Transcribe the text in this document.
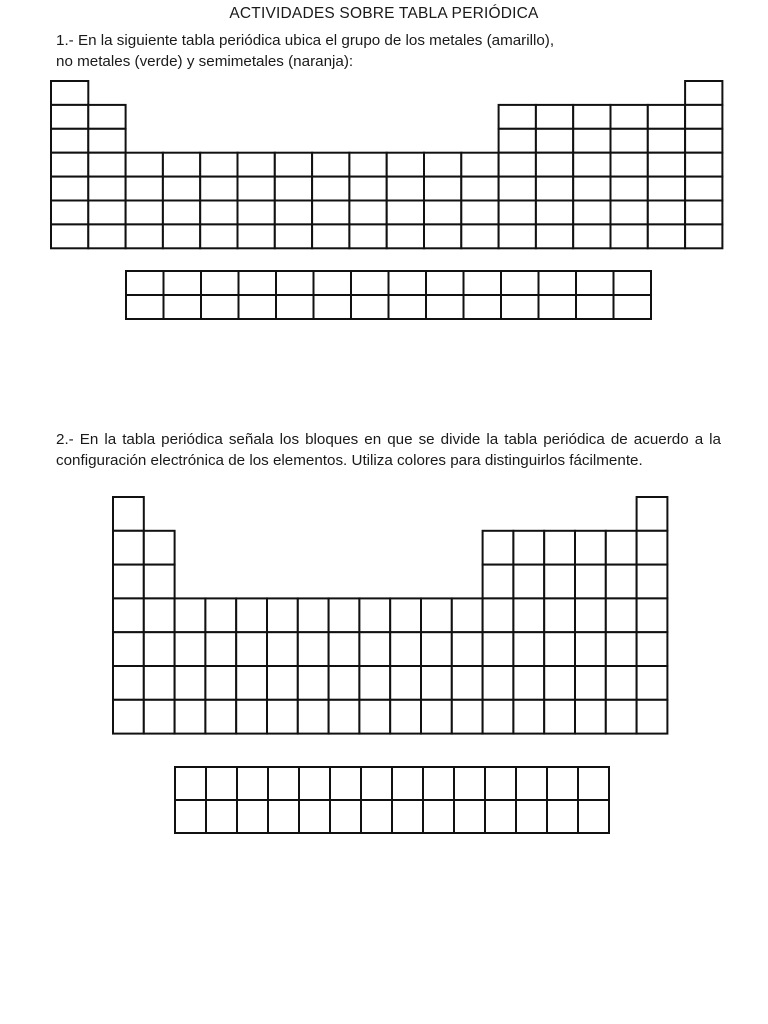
ACTIVIDADES SOBRE TABLA PERIÓDICA
1.- En la siguiente tabla periódica ubica el grupo de los metales (amarillo),
no metales (verde) y semimetales (naranja):
2.- En la tabla periódica señala los bloques en que se divide la tabla periódica de acuerdo a la configuración electrónica de los elementos. Utiliza colores para distinguirlos fácilmente.
